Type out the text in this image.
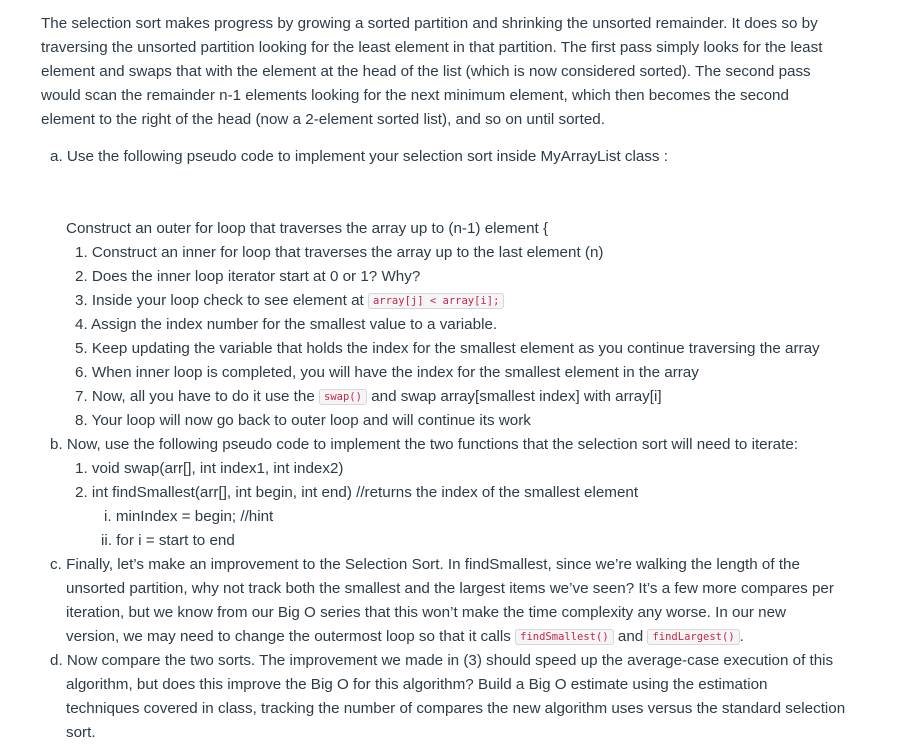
The selection sort makes progress by growing a sorted partition and shrinking the unsorted remainder. It does so by
traversing the unsorted partition looking for the least element in that partition. The first pass simply looks for the least
element and swaps that with the element at the head of the list (which is now considered sorted). The second pass
would scan the remainder n-1 elements looking for the next minimum element, which then becomes the second
element to the right of the head (now a 2-element sorted list), and so on until sorted.
a. Use the following pseudo code to implement your selection sort inside MyArrayList class :
Construct an outer for loop that traverses the array up to (n-1) element {
1. Construct an inner for loop that traverses the array up to the last element (n)
2. Does the inner loop iterator start at 0 or 1? Why?
3. Inside your loop check to see element at array[j] < array[i];
4. Assign the index number for the smallest value to a variable.
5. Keep updating the variable that holds the index for the smallest element as you continue traversing the array
6. When inner loop is completed, you will have the index for the smallest element in the array
7. Now, all you have to do it use the swap() and swap array[smallest index] with array[i]
8. Your loop will now go back to outer loop and will continue its work
b. Now, use the following pseudo code to implement the two functions that the selection sort will need to iterate:
1. void swap(arr[], int index1, int index2)
2. int findSmallest(arr[], int begin, int end) //returns the index of the smallest element
i. minIndex = begin; //hint
ii. for i = start to end
c. Finally, let’s make an improvement to the Selection Sort. In findSmallest, since we’re walking the length of the
unsorted partition, why not track both the smallest and the largest items we’ve seen? It’s a few more compares per
iteration, but we know from our Big O series that this won’t make the time complexity any worse. In our new
version, we may need to change the outermost loop so that it calls findSmallest() and findLargest() .
d. Now compare the two sorts. The improvement we made in (3) should speed up the average-case execution of this
algorithm, but does this improve the Big O for this algorithm? Build a Big O estimate using the estimation
techniques covered in class, tracking the number of compares the new algorithm uses versus the standard selection
sort.
